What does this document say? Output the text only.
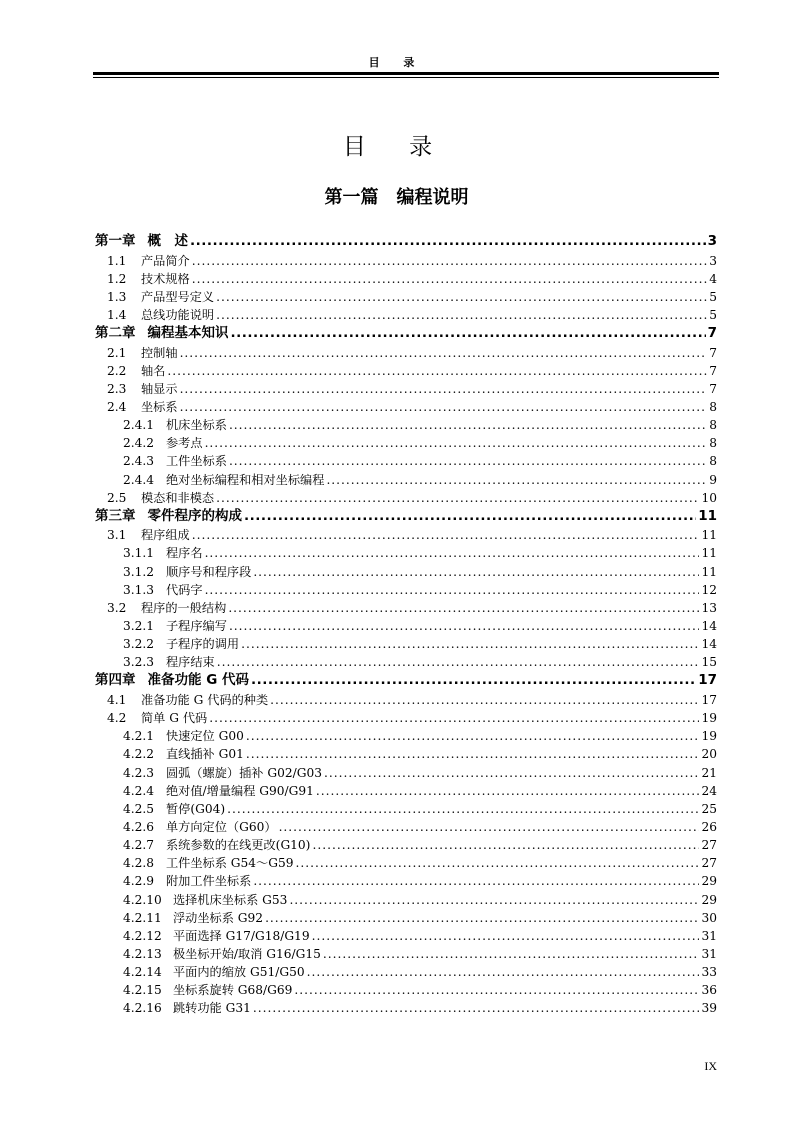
目 录
目 录
第一篇　编程说明
第一章 概　述 .....	3
1.1	产品简介 .....	3
1.2	技术规格 .....	4
1.3	产品型号定义 .....	5
1.4	总线功能说明 .....	5
第二章 编程基本知识 .....	7
2.1	控制轴 .....	7
2.2	轴名 .....	7
2.3	轴显示 .....	7
2.4	坐标系 .....	8
2.4.1 机床坐标系 .....	8
2.4.2 参考点 .....	8
2.4.3 工件坐标系 .....	8
2.4.4 绝对坐标编程和相对坐标编程 .....	9
2.5	模态和非模态 .....	10
第三章 零件程序的构成 .....	11
3.1	程序组成 .....	11
3.1.1 程序名 .....	11
3.1.2 顺序号和程序段 .....	11
3.1.3 代码字 .....	12
3.2	程序的一般结构 .....	13
3.2.1 子程序编写 .....	14
3.2.2 子程序的调用 .....	14
3.2.3 程序结束 .....	15
第四章 准备功能 G 代码 .....	17
4.1	准备功能 G 代码的种类 .....	17
4.2	简单 G 代码 .....	19
4.2.1 快速定位 G00 .....	19
4.2.2 直线插补 G01 .....	20
4.2.3 圆弧（螺旋）插补 G02/G03 .....	21
4.2.4 绝对值/增量编程 G90/G91 .....	24
4.2.5 暂停(G04) .....	25
4.2.6 单方向定位（G60） .....	26
4.2.7 系统参数的在线更改(G10) .....	27
4.2.8 工件坐标系 G54～G59 .....	27
4.2.9 附加工件坐标系 .....	29
4.2.10 选择机床坐标系 G53 .....	29
4.2.11 浮动坐标系 G92 .....	30
4.2.12 平面选择 G17/G18/G19 .....	31
4.2.13 极坐标开始/取消 G16/G15 .....	31
4.2.14 平面内的缩放 G51/G50 .....	33
4.2.15 坐标系旋转 G68/G69 .....	36
4.2.16 跳转功能 G31 .....	39
IX
